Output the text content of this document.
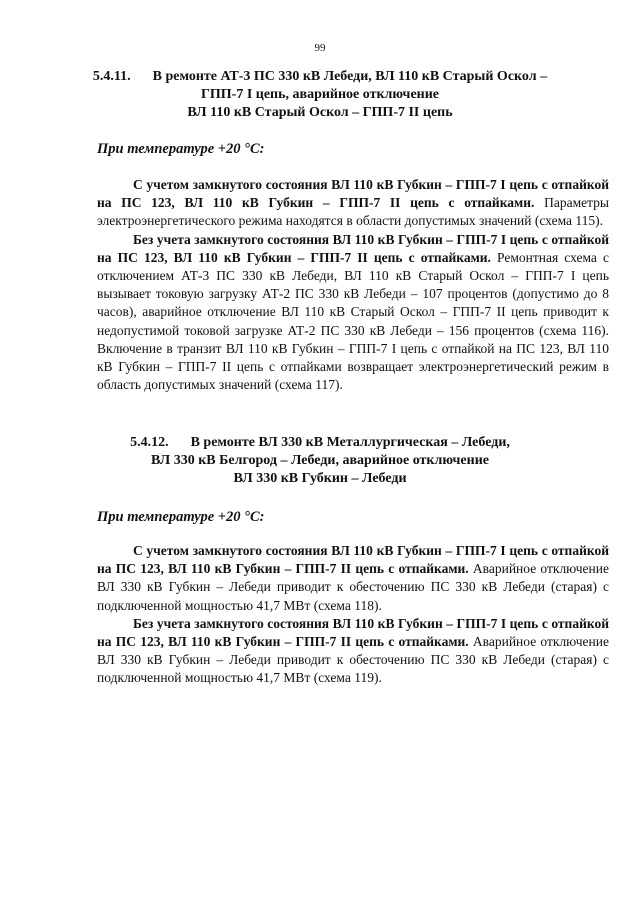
99
5.4.11. В ремонте АТ-3 ПС 330 кВ Лебеди, ВЛ 110 кВ Старый Оскол –
ГПП-7 I цепь, аварийное отключение
ВЛ 110 кВ Старый Оскол – ГПП-7 II цепь
При температуре +20 °С:

С учетом замкнутого состояния ВЛ 110 кВ Губкин – ГПП-7 I цепь с отпайкой на ПС 123, ВЛ 110 кВ Губкин – ГПП-7 II цепь с отпайками. Параметры электроэнергетического режима находятся в области допустимых значений (схема 115).

Без учета замкнутого состояния ВЛ 110 кВ Губкин – ГПП-7 I цепь с отпайкой на ПС 123, ВЛ 110 кВ Губкин – ГПП-7 II цепь с отпайками. Ремонтная схема с отключением АТ-3 ПС 330 кВ Лебеди, ВЛ 110 кВ Старый Оскол – ГПП-7 I цепь вызывает токовую загрузку АТ-2 ПС 330 кВ Лебеди – 107 процентов (допустимо до 8 часов), аварийное отключение ВЛ 110 кВ Старый Оскол – ГПП-7 II цепь приводит к недопустимой токовой загрузке АТ-2 ПС 330 кВ Лебеди – 156 процентов (схема 116). Включение в транзит ВЛ 110 кВ Губкин – ГПП-7 I цепь с отпайкой на ПС 123, ВЛ 110 кВ Губкин – ГПП-7 II цепь с отпайками возвращает электроэнергетический режим в область допустимых значений (схема 117).

5.4.12. В ремонте ВЛ 330 кВ Металлургическая – Лебеди,
ВЛ 330 кВ Белгород – Лебеди, аварийное отключение
ВЛ 330 кВ Губкин – Лебеди
При температуре +20 °С:

С учетом замкнутого состояния ВЛ 110 кВ Губкин – ГПП-7 I цепь с отпайкой на ПС 123, ВЛ 110 кВ Губкин – ГПП-7 II цепь с отпайками. Аварийное отключение ВЛ 330 кВ Губкин – Лебеди приводит к обесточению ПС 330 кВ Лебеди (старая) с подключенной мощностью 41,7 МВт (схема 118).

Без учета замкнутого состояния ВЛ 110 кВ Губкин – ГПП-7 I цепь с отпайкой на ПС 123, ВЛ 110 кВ Губкин – ГПП-7 II цепь с отпайками. Аварийное отключение ВЛ 330 кВ Губкин – Лебеди приводит к обесточению ПС 330 кВ Лебеди (старая) с подключенной мощностью 41,7 МВт (схема 119).
